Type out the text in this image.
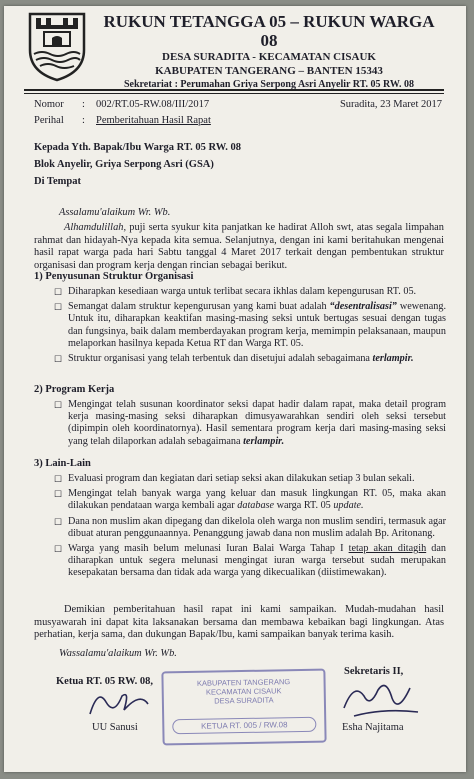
RUKUN TETANGGA 05 – RUKUN WARGA 08
DESA SURADITA - KECAMATAN CISAUK
KABUPATEN TANGERANG – BANTEN 15343
Sekretariat : Perumahan Griya Serpong Asri Anyelir RT. 05 RW. 08
Nomor : 002/RT.05-RW.08/III/2017	Suradita, 23 Maret 2017
Perihal : Pemberitahuan Hasil Rapat
Kepada Yth. Bapak/Ibu Warga RT. 05 RW. 08
Blok Anyelir, Griya Serpong Asri (GSA)
Di Tempat
Assalamu'alaikum Wr. Wb.
Alhamdulillah, puji serta syukur kita panjatkan ke hadirat Alloh swt, atas segala limpahan rahmat dan hidayah-Nya kepada kita semua. Selanjutnya, dengan ini kami beritahukan mengenai hasil rapat warga pada hari Sabtu tanggal 4 Maret 2017 terkait dengan pembentukan struktur organisasi dan program kerja dengan rincian sebagai berikut.
1) Penyusunan Struktur Organisasi
☐ Diharapkan kesediaan warga untuk terlibat secara ikhlas dalam kepengurusan RT. 05.
☐ Semangat dalam struktur kepengurusan yang kami buat adalah “desentralisasi” wewenang. Untuk itu, diharapkan keaktifan masing-masing seksi untuk bertugas sesuai dengan tugas dan fungsinya, baik dalam memberdayakan program kerja, memimpin pelaksanaan, maupun melaporkan hasilnya kepada Ketua RT dan Warga RT. 05.
☐ Struktur organisasi yang telah terbentuk dan disetujui adalah sebagaimana terlampir.
2) Program Kerja
☐ Mengingat telah susunan koordinator seksi dapat hadir dalam rapat, maka detail program kerja masing-masing seksi diharapkan dimusyawarahkan sendiri oleh seksi tersebut (dipimpin oleh koordinatornya). Hasil sementara program kerja dari masing-masing seksi yang telah dilaporkan adalah sebagaimana terlampir.
3) Lain-Lain
☐ Evaluasi program dan kegiatan dari setiap seksi akan dilakukan setiap 3 bulan sekali.
☐ Mengingat telah banyak warga yang keluar dan masuk lingkungan RT. 05, maka akan dilakukan pendataan warga kembali agar database warga RT. 05 update.
☐ Dana non muslim akan dipegang dan dikelola oleh warga non muslim sendiri, termasuk agar dibuat aturan penggunaannya. Penanggung jawab dana non muslim adalah Bp. Aritonang.
☐ Warga yang masih belum melunasi Iuran Balai Warga Tahap I tetap akan ditagih dan diharapkan untuk segera melunasi mengingat iuran warga tersebut sudah merupakan kesepakatan bersama dan tidak ada warga yang dikecualikan (diistimewakan).
Demikian pemberitahuan hasil rapat ini kami sampaikan. Mudah-mudahan hasil musyawarah ini dapat kita laksanakan bersama dan membawa kebaikan bagi lingkungan. Atas perhatian, kerja sama, dan dukungan Bapak/Ibu, kami sampaikan banyak terima kasih.
Wassalamu'alaikum Wr. Wb.
Ketua RT. 05 RW. 08,
UU Sanusi
Sekretaris II,
Esha Najitama
KABUPATEN TANGERANG
KECAMATAN CISAUK
DESA SURADITA
KETUA RT. 005 / RW.08
